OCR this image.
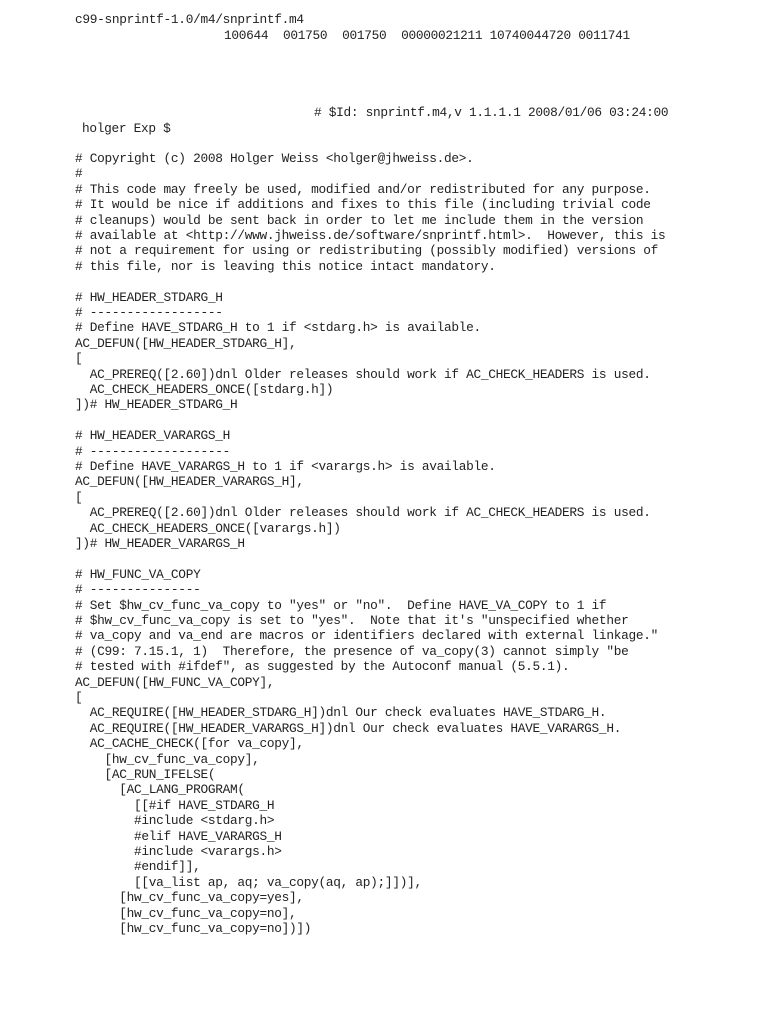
c99-snprintf-1.0/m4/snprintf.m4
100644  001750  001750  00000021211 10740044720 0011741
# $Id: snprintf.m4,v 1.1.1.1 2008/01/06 03:24:00
holger Exp $
# Copyright (c) 2008 Holger Weiss <holger@jhweiss.de>.
#
# This code may freely be used, modified and/or redistributed for any purpose.
# It would be nice if additions and fixes to this file (including trivial code
# cleanups) would be sent back in order to let me include them in the version
# available at <http://www.jhweiss.de/software/snprintf.html>.  However, this is
# not a requirement for using or redistributing (possibly modified) versions of
# this file, nor is leaving this notice intact mandatory.
# HW_HEADER_STDARG_H
# ------------------
# Define HAVE_STDARG_H to 1 if <stdarg.h> is available.
AC_DEFUN([HW_HEADER_STDARG_H],
[
AC_PREREQ([2.60])dnl Older releases should work if AC_CHECK_HEADERS is used.
AC_CHECK_HEADERS_ONCE([stdarg.h])
])# HW_HEADER_STDARG_H
# HW_HEADER_VARARGS_H
# -------------------
# Define HAVE_VARARGS_H to 1 if <varargs.h> is available.
AC_DEFUN([HW_HEADER_VARARGS_H],
[
AC_PREREQ([2.60])dnl Older releases should work if AC_CHECK_HEADERS is used.
AC_CHECK_HEADERS_ONCE([varargs.h])
])# HW_HEADER_VARARGS_H
# HW_FUNC_VA_COPY
# ---------------
# Set $hw_cv_func_va_copy to "yes" or "no".  Define HAVE_VA_COPY to 1 if
# $hw_cv_func_va_copy is set to "yes".  Note that it's "unspecified whether
# va_copy and va_end are macros or identifiers declared with external linkage."
# (C99: 7.15.1, 1)  Therefore, the presence of va_copy(3) cannot simply "be
# tested with #ifdef", as suggested by the Autoconf manual (5.5.1).
AC_DEFUN([HW_FUNC_VA_COPY],
[
AC_REQUIRE([HW_HEADER_STDARG_H])dnl Our check evaluates HAVE_STDARG_H.
AC_REQUIRE([HW_HEADER_VARARGS_H])dnl Our check evaluates HAVE_VARARGS_H.
AC_CACHE_CHECK([for va_copy],
[hw_cv_func_va_copy],
[AC_RUN_IFELSE(
[AC_LANG_PROGRAM(
[[#if HAVE_STDARG_H
#include <stdarg.h>
#elif HAVE_VARARGS_H
#include <varargs.h>
#endif]],
[[va_list ap, aq; va_copy(aq, ap);]])],
[hw_cv_func_va_copy=yes],
[hw_cv_func_va_copy=no],
[hw_cv_func_va_copy=no])])
